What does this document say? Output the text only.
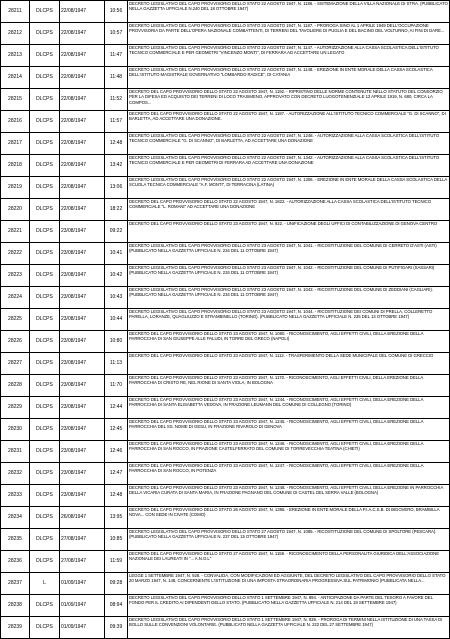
28211	DLCPS	22/08/1947	10:56	DECRETO LEGISLATIVO DEL CAPO PROVVISORIO DELLO STATO 22 AGOSTO 1947, N. 1186. - SISTEMAZIONE DELLA VILLA NAZIONALE DI STRA. (PUBBLICATO NELLA GAZZETTA UFFICIALE N.240 DEL 18 OTTOBRE 1947)

28212	DLCPS	22/08/1947	10:57	DECRETO LEGISLATIVO DEL CAPO PROVVISORIO DELLO STATO 22 AGOSTO 1947, N. 1187. - PROROGA SINO AL 1 APRILE 1949 DELL'OCCUPAZIONE PROVVISORIA DA PARTE DELL'OPERA NAZIONALE COMBATTENTI, DI TERRENI DEL TAVOLIERE DI PUGLIA E DEL BACINO DEL VOLTURNO, AI FINI DI DARE...

28213	DLCPS	22/08/1947	11:47	DECRETO LEGISLATIVO DEL CAPO PROVVISORIO DELLO STATO 22 AGOSTO 1947, N. 1147. - AUTORIZZAZIONE ALLA CASSA SCOLASTICA DELL'ISTITUTO TECNICO COMMERCIALE E PER GEOMETRI "VINCENZO MONTI", DI FERRARA AD ACCETTARE UN LEGATO

28214	DLCPS	22/08/1947	11:48	DECRETO LEGISLATIVO DEL CAPO PROVVISORIO DELLO STATO 22 AGOSTO 1947, N. 1148. - EREZIONE IN ENTE MORALE DELLA CASSA SCOLASTICA DELL'ISTITUTO MAGISTRALE GOVERNATIVO "LOMBARDO RADICE", DI CATANIA

28215	DLCPS	22/08/1947	11:52	DECRETO DEL CAPO PROVVISORIO DELLO STATO 22 AGOSTO 1947, N. 1192. - RIPRISTINO DELLE NORME CONTENUTE NELLO STATUTO DEL CONSORZIO PER LA DIFESA ED ACQUISTO DEI TERRENI DI LOCO TRASIMENO, APPROVATO CON DECRETO LUOGOTENENZIALE 13 APRILE 1919, N. 680, CIRCA LA COMPOS...

28216	DLCPS	22/08/1947	11:57	DECRETO DEL CAPO PROVVISORIO DELLO STATO 22 AGOSTO 1947, N. 1197. - AUTORIZZAZIONE ALL'ISTITUTO TECNICO COMMERCIALE "G. DI SCANNO", DI BARLETTA, AD ACCETTARE UNA DONAZIONE.

28217	DLCPS	22/08/1947	12:48	DECRETO LEGISLATIVO DEL CAPO PROVVISORIO DELLO STATO 22 AGOSTO 1947, N. 1248. - AUTORIZZAZIONE ALLA CASSA SCOLASTICA DELL'ISTITUTO TECNICO COMMERCIALE "G. DI SCANNO", DI BARLETTA, AD ACCETTARE UNA DONAZIONE

28218	DLCPS	22/08/1947	13:42	DECRETO LEGISLATIVO DEL CAPO PROVVISORIO DELLO STATO 22 AGOSTO 1947, N. 1342. - AUTORIZZAZIONE ALLA CASSA SCOLASTICA DELL'ISTITUTO TECNICO COMMERCIALE E PER GEOMETRI DI FERRARA AD ACCETTARE UNA DONAZIONE

28219	DLCPS	22/08/1947	13:06	DECRETO LEGISLATIVO DEL CAPO PROVVISORIO DELLO STATO 22 AGOSTO 1947, N. 1306. - EREZIONE IN ENTE MORALE DELLA CASSA SCOLASTICA DELLA SCUOLA TECNICA COMMERCIALE "A.F. MONTI", DI TERRACINA (LATINA)

28220	DLCPS	22/08/1947	18:22	DECRETO DEL CAPO PROVVISORIO DELLO STATO 22 AGOSTO 1947, N. 1822. - AUTORIZZAZIONE ALLA CASSA SCOLASTICA DELL'ISTITUTO TECNICO COMMERCIALE "L. ROMANI" AD ACCETTARE UNA DONAZIONE

28221	DLCPS	23/08/1947	09:22	DECRETO DEL CAPO PROVVISORIO DELLO STATO 23 AGOSTO 1947, N. 922. - UNIFICAZIONE DEGLI UFFICI DI CONTABILIZZAZIONE DI GENOVA CENTRO

28222	DLCPS	23/08/1947	10:41	DECRETO LEGISLATIVO DEL CAPO PROVVISORIO DELLO STATO 23 AGOSTO 1947, N. 1041. - RICOSTITUZIONE DEL COMUNE DI CERRETO D'ASTI (ASTI) (PUBBLICATO NELLA GAZZETTA UFFICIALE N. 234 DEL 11 OTTOBRE 1947)

28223	DLCPS	23/08/1947	10:42	DECRETO LEGISLATIVO DEL CAPO PROVVISORIO DELLO STATO 23 AGOSTO 1947, N. 1042. - RICOSTITUZIONE DEL COMUNE DI PUTIFIGARI (SASSARI) (PUBBLICATO NELLA GAZZETTA UFFICIALE N. 234 DEL 11 OTTOBRE 1947)

28224	DLCPS	23/08/1947	10:43	DECRETO LEGISLATIVO DEL CAPO PROVVISORIO DELLO STATO 23 AGOSTO 1947, N. 1043. - RICOSTITUZIONE DEL COMUNE DI ZEDDIANI (CAGLIARI). (PUBBLICATO NELLA GAZZETTA UFFICIALE N. 234 DEL 11 OTTOBRE 1947)

28225	DLCPS	23/08/1947	10:44	DECRETO LEGISLATIVO DEL CAPO PROVVISORIO DELLO STATO 23 AGOSTO 1947, N. 1044. - RICOSTITUZIONE DEI COMUNI DI PRELLA, COLLERETTO PARELLA, LORANZE, QUAGLIUZZO E STRAMBINELLO (TORINO). (PUBBLICATO NELLA GAZZETTA UFFICIALE N. 235 DEL 13 OTTOBRE 1947)

28226	DLCPS	23/08/1947	10:80	DECRETO DEL CAPO PROVVISORIO DELLO STATO 23 AGOSTO 1947, N. 1080. - RICONOSCIMENTO, AGLI EFFETTI CIVILI, DELLA EREZIONE DELLA PARROCCHIA DI SAN GIUSEPPE ALLE PALUDI, IN TORRE DEL GRECO (NAPOLI)

28227	DLCPS	23/08/1947	11:13	DECRETO DEL CAPO PROVVISORIO DELLO STATO 23 AGOSTO 1947, N. 1113. - TRASFERIMENTO DELLA SEDE MUNICIPALE DEL COMUNE DI GRECCIO

28228	DLCPS	23/08/1947	11:70	DECRETO DEL CAPO PROVVISORIO DELLO STATO 23 AGOSTO 1947, N. 1170. - RICONOSCIMENTO, AGLI EFFETTI CIVILI, DELLA EREZIONE DELLA PARROCCHIA DI CRISTO RE, NEL RIONE DI SANTA VIOLA, IN BOLOGNA

28229	DLCPS	23/08/1947	12:44	DECRETO DEL CAPO PROVVISORIO DELLO STATO 23 AGOSTO 1947, N. 1244. - RICONOSCIMENTO, AGLI EFFETTI CIVILI, DELLA EREZIONE DELLA PARROCCHIA DI SANTA ELISABETTA VEDOVA, IN FRAZIONE LEUMANN DEL COMUNE DI COLLEGNO (TORINO)

28230	DLCPS	23/08/1947	12:45	DECRETO DEL CAPO PROVVISORIO DELLO STATO 23 AGOSTO 1947, N. 1245. - RICONOSCIMENTO, AGLI EFFETTI CIVILI, DELLA EREZIONE DELLA PARROCCHIA DEL SS. NOME DI GESU, IN FRAZIONE RIVAROLO DI GENOVA

28231	DLCPS	23/08/1947	12:46	DECRETO DEL CAPO PROVVISORIO DELLO STATO 23 AGOSTO 1947, N. 1246. - RICONOSCIMENTO, AGLI EFFETTI CIVILI, DELLA EREZIONE DELLA PARROCCHIA DI SAN ROCCO, IN FRAZIONE CASTELFERRATO DEL COMUNE DI TORREVECCHIA TEATINA (CHIETI)

28232	DLCPS	23/08/1947	12:47	DECRETO DEL CAPO PROVVISORIO DELLO STATO 23 AGOSTO 1947, N. 1247. - RICONOSCIMENTO, AGLI EFFETTI CIVILI, DELLA EREZIONE DELLA PARROCCHIA DI SAN ROCCO, IN POTENZA

28233	DLCPS	23/08/1947	12:48	DECRETO DEL CAPO PROVVISORIO DELLO STATO 23 AGOSTO 1947, N. 1248. - RICONOSCIMENTO, AGLI EFFETTI CIVILI, DELLA EREZIONE IN PARROCCHIA DELLA VICARIA CURATA DI SANTA MARIA, IN FRAZIONE PAGNANO DEL COMUNE DI CASTEL DEL SERRA VALLE (BOLOGNA)

28234	DLCPS	26/08/1947	13:95	DECRETO DEL CAPO PROVVISORIO DELLO STATO 26 AGOSTO 1947, N. 1395. - EREZIONE IN ENTE MORALE DELLA P.I.A.C.S.B. DI BIGOVERO, BRAMBILLA NOVA... CON SEDE IN CIVATE (COMO)

28235	DLCPS	27/08/1947	10:85	DECRETO LEGISLATIVO DEL CAPO PROVVISORIO DELLO STATO 27 AGOSTO 1947, N. 1085. - RICOSTITUZIONE DEL COMUNE DI SPOLTORE (PESCARA). (PUBBLICATO NELLA GAZZETTA UFFICIALE N. 237 DEL 15 OTTOBRE 1947)

28236	DLCPS	27/08/1947	11:59	DECRETO DEL CAPO PROVVISORIO DELLO STATO 27 AGOSTO 1947, N. 1159. - RICONOSCIMENTO DELLA PERSONALITA GIURIDICA DELL'ASSOCIAZIONE NAZIONALE DEI LAUREATI IN "... A.N.O.L"

28237	L	01/09/1947	09:28	LEGGE 1 SETTEMBRE 1947, N. 928. - CONVALIDA, CON MODIFICAZIONI ED AGGIUNTE, DEL DECRETO LEGISLATIVO DEL CAPO PROVVISORIO DELLO STATO 20 MARZO 1947, N. 148, CONCERNENTE L'ISTITUZIONE DI UNA IMPOSTA STRAORDINARIA PROGRESSIVA SUL PATRIMONIO (PUBBLICATA NELLA...

28238	DLCPS	01/09/1947	08:94	DECRETO LEGISLATIVO DEL CAPO PROVVISORIO DELLO STATO 1 SETTEMBRE 1947, N. 894. - ANTICIPAZIONE DA PARTE DEL TESORO A FAVORE DEL FONDO PER IL CREDITO AI DIPENDENTI DELLO STATO. (PUBBLICATO NELLA GAZZETTA UFFICIALE N. 214 DEL 18 SETTEMBRE 1947)

28239	DLCPS	01/09/1947	09:39	DECRETO LEGISLATIVO DEL CAPO PROVVISORIO DELLO STATO 1 SETTEMBRE 1947, N. 939. - PROROGA DI TERMINI NELLA ISTITUZIONE DI UNA TASSA DI BOLLO SULLE CONVENZIONI VOLONTARIE. (PUBBLICATO NELLA GAZZETTA UFFICIALE N. 222 DEL 27 SETTEMBRE 1947)
